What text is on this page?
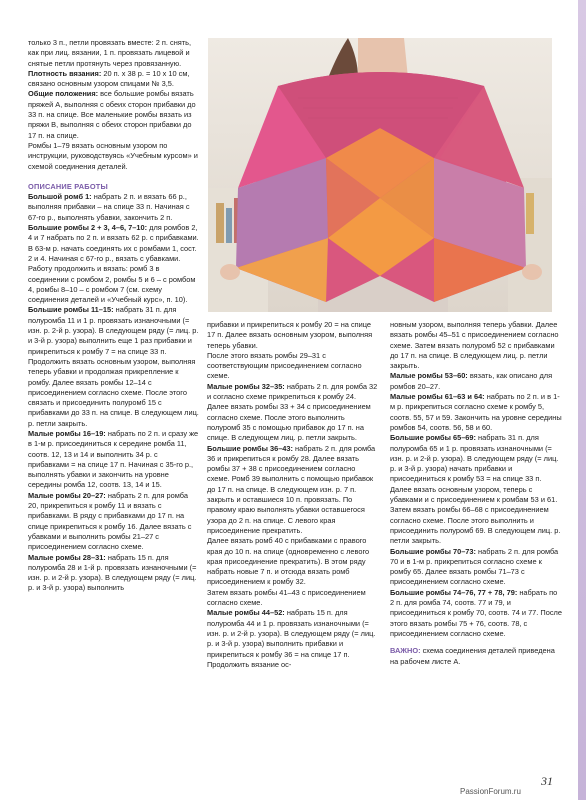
только 3 п., петли провязать вместе: 2 п. снять, как при лиц. вязании, 1 п. провязать лицевой и снятые петли протянуть через провязанную.

Плотность вязания: 20 п. x 38 р. = 10 x 10 см, связано основным узором спицами № 3,5.

Общие положения: все большие ромбы вязать пряжей A, выполняя с обеих сторон прибавки до 33 п. на спице. Все маленькие ромбы вязать из пряжи B, выполняя с обеих сторон прибавки до 17 п. на спице.

Ромбы 1–79 вязать основным узором по инструкции, руководствуясь «Учебным курсом» и схемой соединения деталей.

ОПИСАНИЕ РАБОТЫ

Большой ромб 1: набрать 2 п. и вязать 66 р., выполняя прибавки – на спице 33 п. Начиная с 67-го р., выполнять убавки, закончить 2 п.

Большие ромбы 2 + 3, 4–6, 7–10: для ромбов 2, 4 и 7 набрать по 2 п. и вязать 62 р. с прибавками. В 63-м р. начать соединять их с ромбами 1, сост. 2 и 4. Начиная с 67-го р., вязать с убавками. Работу продолжить и вязать: ромб 3 в соединении с ромбом 2, ромбы 5 и 6 – с ромбом 4, ромбы 8–10 – с ромбом 7 (см. схему соединения деталей и «Учебный курс», п. 10).

Большие ромбы 11–15: набрать 31 п. для полуромба 11 и 1 р. провязать изнаночными (= изн. р. 2-й р. узора). В следующем ряду (= лиц. р. и 3-й р. узора) выполнить еще 1 раз прибавки и прикрепиться к ромбу 7 = на спице 33 п. Продолжить вязать основным узором, выполняя теперь убавки и продолжая прикрепление к ромбу. Далее вязать ромбы 12–14 с присоединением согласно схеме. После этого связать и присоединить полуромб 15 с прибавками до 33 п. на спице. В следующем лиц. р. петли закрыть.

Малые ромбы 16–19: набрать по 2 п. и сразу же в 1-м р. присоединиться к середине ромба 11, соотв. 12, 13 и 14 и выполнить 34 р. с прибавками = на спице 17 п. Начиная с 35-го р., выполнять убавки и закончить на уровне середины ромба 12, соотв. 13, 14 и 15.

Малые ромбы 20–27: набрать 2 п. для ромба 20, прикрепиться к ромбу 11 и вязать с прибавками. В ряду с прибавками до 17 п. на спице прикрепиться к ромбу 16. Далее вязать с убавками и выполнить ромбы 21–27 с присоединением согласно схеме.

Малые ромбы 28–31: набрать 15 п. для полуромба 28 и 1-й р. провязать изнаночными (= изн. р. и 2-й р. узора). В следующем ряду (= лиц. р. и 3-й р. узора) выполнить

прибавки и прикрепиться к ромбу 20 = на спице 17 п. Далее вязать основным узором, выполняя теперь убавки.

После этого вязать ромбы 29–31 с соответствующим присоединением согласно схеме.

Малые ромбы 32–35: набрать 2 п. для ромба 32 и согласно схеме прикрепиться к ромбу 24. Далее вязать ромбы 33 + 34 с присоединением согласно схеме. После этого выполнить полуромб 35 с помощью прибавок до 17 п. на спице. В следующем лиц. р. петли закрыть.

Большие ромбы 36–43: набрать 2 п. для ромба 36 и прикрепиться к ромбу 28. Далее вязать ромбы 37 + 38 с присоединением согласно схеме. Ромб 39 выполнить с помощью прибавок до 17 п. на спице. В следующем изн. р. 7 п. закрыть и оставшиеся 10 п. провязать. По правому краю выполнять убавки оставшегося узора до 2 п. на спице. С левого края присоединение прекратить.

Далее вязать ромб 40 с прибавками с правого края до 10 п. на спице (одновременно с левого края присоединение прекратить). В этом ряду набрать новые 7 п. и отсюда вязать ромб присоединением к ромбу 32.

Затем вязать ромбы 41–43 с присоединением согласно схеме.

Малые ромбы 44–52: набрать 15 п. для полуромба 44 и 1 р. провязать изнаночными (= изн. р. и 2-й р. узора). В следующем ряду (= лиц. р. и 3-й р. узора) выполнить прибавки и прикрепиться к ромбу 36 = на спице 17 п. Продолжить вязание ос-

новным узором, выполняя теперь убавки. Далее вязать ромбы 45–51 с присоединением согласно схеме. Затем вязать полуромб 52 с прибавками до 17 п. на спице. В следующем лиц. р. петли закрыть.

Малые ромбы 53–60: вязать, как описано для ромбов 20–27.

Малые ромбы 61–63 и 64: набрать по 2 п. и в 1-м р. прикрепиться согласно схеме к ромбу 5, соотв. 55, 57 и 59. Закончить на уровне середины ромбов 54, соотв. 56, 58 и 60.

Большие ромбы 65–69: набрать 31 п. для полуромба 65 и 1 р. провязать изнаночными (= изн. р. и 2-й р. узора). В следующем ряду (= лиц. р. и 3-й р. узора) начать прибавки и присоединиться к ромбу 53 = на спице 33 п. Далее вязать основным узором, теперь с убавками и с присоединением к ромбам 53 и 61. Затем вязать ромбы 66–68 с присоединением согласно схеме. После этого выполнить и присоединить полуромб 69. В следующем лиц. р. петли закрыть.

Большие ромбы 70–73: набрать 2 п. для ромба 70 и в 1-м р. прикрепиться согласно схеме к ромбу 65. Далее вязать ромбы 71–73 с присоединением согласно схеме.

Большие ромбы 74–76, 77 + 78, 79: набрать по 2 п. для ромба 74, соотв. 77 и 79, и присоединиться к ромбу 70, соотв. 74 и 77. После этого вязать ромбы 75 + 76, соотв. 78, с присоединением согласно схеме.

ВАЖНО: схема соединения деталей приведена на рабочем листе A.

31
PassionForum.ru
